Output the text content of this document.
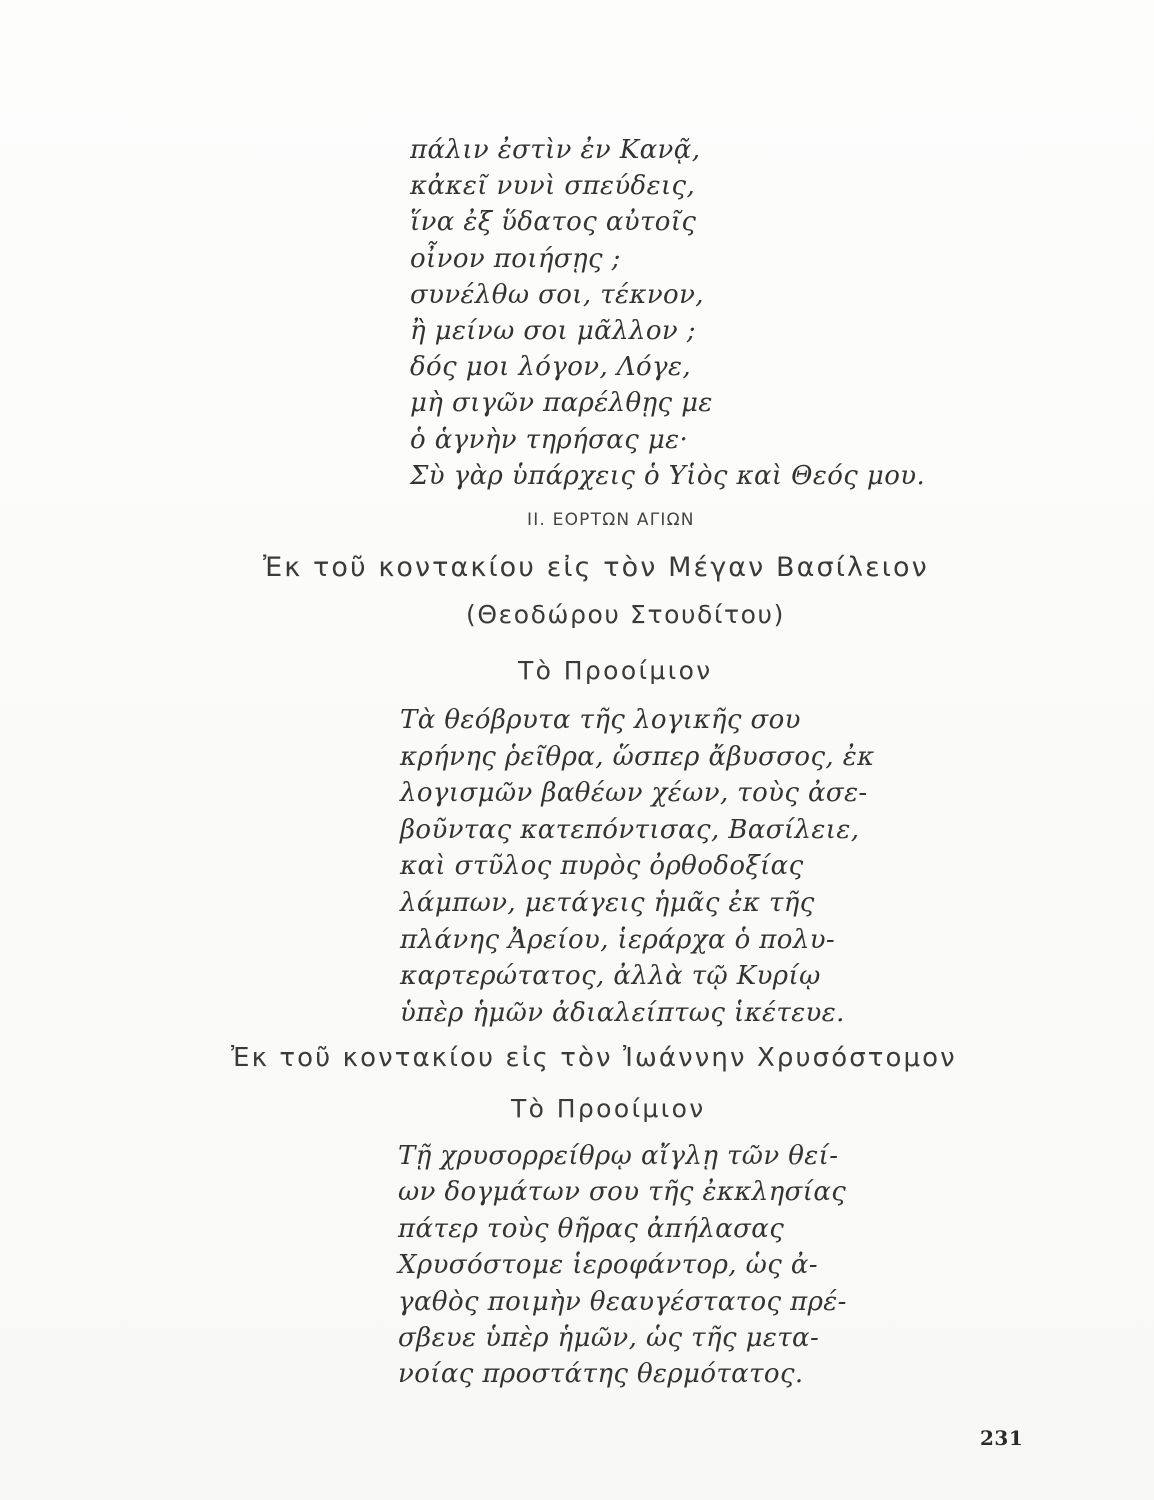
πάλιν ἐστὶν ἐν Κανᾷ,
κἀκεῖ νυνὶ σπεύδεις,
ἵνα ἐξ ὕδατος αὐτοῖς
οἶνον ποιήσῃς ;
συνέλθω σοι, τέκνον,
ἢ μείνω σοι μᾶλλον ;
δός μοι λόγον, Λόγε,
μὴ σιγῶν παρέλθῃς με
ὁ ἁγνὴν τηρήσας με·
Σὺ γὰρ ὑπάρχεις ὁ Υἱὸς καὶ Θεός μου.
II. ΕΟΡΤΩΝ ΑΓΙΩΝ
Ἐκ τοῦ κοντακίου εἰς τὸν Μέγαν Βασίλειον
(Θεοδώρου Στουδίτου)
Τὸ Προοίμιον
Τὰ θεόβρυτα τῆς λογικῆς σου
κρήνης ῥεῖθρα, ὥσπερ ἄβυσσος, ἐκ
λογισμῶν βαθέων χέων, τοὺς ἀσε-
βοῦντας κατεπόντισας, Βασίλειε,
καὶ στῦλος πυρὸς ὀρθοδοξίας
λάμπων, μετάγεις ἡμᾶς ἐκ τῆς
πλάνης Ἀρείου, ἱεράρχα ὁ πολυ-
καρτερώτατος, ἀλλὰ τῷ Κυρίῳ
ὑπὲρ ἡμῶν ἀδιαλείπτως ἱκέτευε.
Ἐκ τοῦ κοντακίου εἰς τὸν Ἰωάννην Χρυσόστομον
Τὸ Προοίμιον
Τῇ χρυσορρείθρῳ αἴγλῃ τῶν θεί-
ων δογμάτων σου τῆς ἐκκλησίας
πάτερ τοὺς θῆρας ἀπήλασας
Χρυσόστομε ἱεροφάντορ, ὡς ἀ-
γαθὸς ποιμὴν θεαυγέστατος πρέ-
σβευε ὑπὲρ ἡμῶν, ὡς τῆς μετα-
νοίας προστάτης θερμότατος.
231
